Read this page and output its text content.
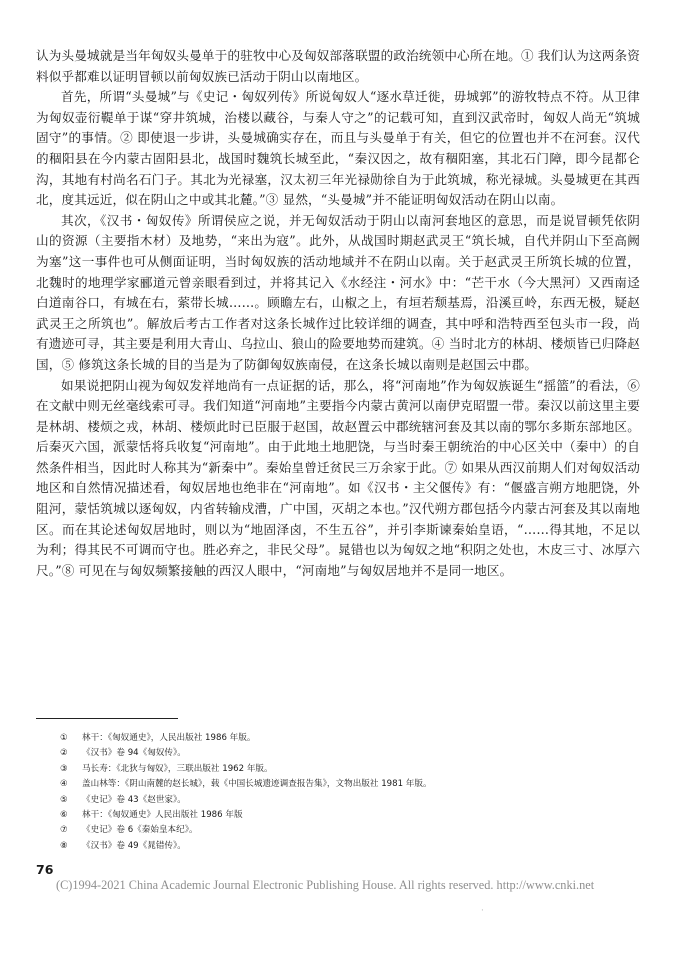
认为头曼城就是当年匈奴头曼单于的驻牧中心及匈奴部落联盟的政治统领中心所在地。① 我们认为这两条资料似乎都难以证明冒顿以前匈奴族已活动于阴山以南地区。

首先，所谓“头曼城”与《史记・匈奴列传》所说匈奴人“逐水草迁徙，毋城郭”的游牧特点不符。从卫律为匈奴壶衍鞮单于谋“穿井筑城，治楼以藏谷，与秦人守之”的记载可知，直到汉武帝时，匈奴人尚无“筑城固守”的事情。② 即使退一步讲，头曼城确实存在，而且与头曼单于有关，但它的位置也并不在河套。汉代的稒阳县在今内蒙古固阳县北，战国时魏筑长城至此，“秦汉因之，故有稒阳塞，其北石门障，即今昆都仑沟，其地有村尚名石门子。其北为光禄塞，汉太初三年光禄勋徐自为于此筑城，称光禄城。头曼城更在其西北，度其远近，似在阴山之中或其北麓。”③ 显然，“头曼城”并不能证明匈奴活动在阴山以南。

其次，《汉书・匈奴传》所谓侯应之说，并无匈奴活动于阴山以南河套地区的意思，而是说冒顿凭依阴山的资源（主要指木材）及地势，“来出为寇”。此外，从战国时期赵武灵王“筑长城，自代并阴山下至高阙为塞”这一事件也可从侧面证明，当时匈奴族的活动地域并不在阴山以南。关于赵武灵王所筑长城的位置，北魏时的地理学家郦道元曾亲眼看到过，并将其记入《水经注・河水》中：“芒干水（今大黑河）又西南迳白道南谷口，有城在右，萦带长城……。顾瞻左右，山椒之上，有垣若颓基焉，沿溪亘岭，东西无极，疑赵武灵王之所筑也”。解放后考古工作者对这条长城作过比较详细的调查，其中呼和浩特西至包头市一段，尚有遗迹可寻，其主要是利用大青山、乌拉山、狼山的险要地势而建筑。④ 当时北方的林胡、楼烦皆已归降赵国，⑤ 修筑这条长城的目的当是为了防御匈奴族南侵，在这条长城以南则是赵国云中郡。

如果说把阴山视为匈奴发祥地尚有一点证据的话，那么，将“河南地”作为匈奴族诞生“摇篮”的看法，⑥ 在文献中则无丝毫线索可寻。我们知道“河南地”主要指今内蒙古黄河以南伊克昭盟一带。秦汉以前这里主要是林胡、楼烦之戎，林胡、楼烦此时已臣服于赵国，故赵置云中郡统辖河套及其以南的鄂尔多斯东部地区。后秦灭六国，派蒙恬将兵收复“河南地”。由于此地土地肥饶，与当时秦王朝统治的中心区关中（秦中）的自然条件相当，因此时人称其为“新秦中”。秦始皇曾迁贫民三万余家于此。⑦ 如果从西汉前期人们对匈奴活动地区和自然情况描述看，匈奴居地也绝非在“河南地”。如《汉书・主父偃传》有：“偃盛言朔方地肥饶，外阻河，蒙恬筑城以逐匈奴，内省转输戍漕，广中国，灭胡之本也。”汉代朔方郡包括今内蒙古河套及其以南地区。而在其论述匈奴居地时，则以为“地固泽卤，不生五谷”，并引李斯谏秦始皇语，“……得其地，不足以为利；得其民不可调而守也。胜必弃之，非民父母”。晁错也以为匈奴之地“积阴之处也，木皮三寸、冰厚六尺。”⑧ 可见在与匈奴频繁接触的西汉人眼中，“河南地”与匈奴居地并不是同一地区。

① 林干：《匈奴通史》，人民出版社 1986 年版。
② 《汉书》卷 94《匈奴传》。
③ 马长寿：《北狄与匈奴》，三联出版社 1962 年版。
④ 盖山林等：《阴山南麓的赵长城》，载《中国长城遗迹调查报告集》，文物出版社 1981 年版。
⑤ 《史记》卷 43《赵世家》。
⑥ 林干：《匈奴通史》人民出版社 1986 年版
⑦ 《史记》卷 6《秦始皇本纪》。
⑧ 《汉书》卷 49《晁错传》。
76
(C)1994-2021 China Academic Journal Electronic Publishing House. All rights reserved. http://www.cnki.net
·
